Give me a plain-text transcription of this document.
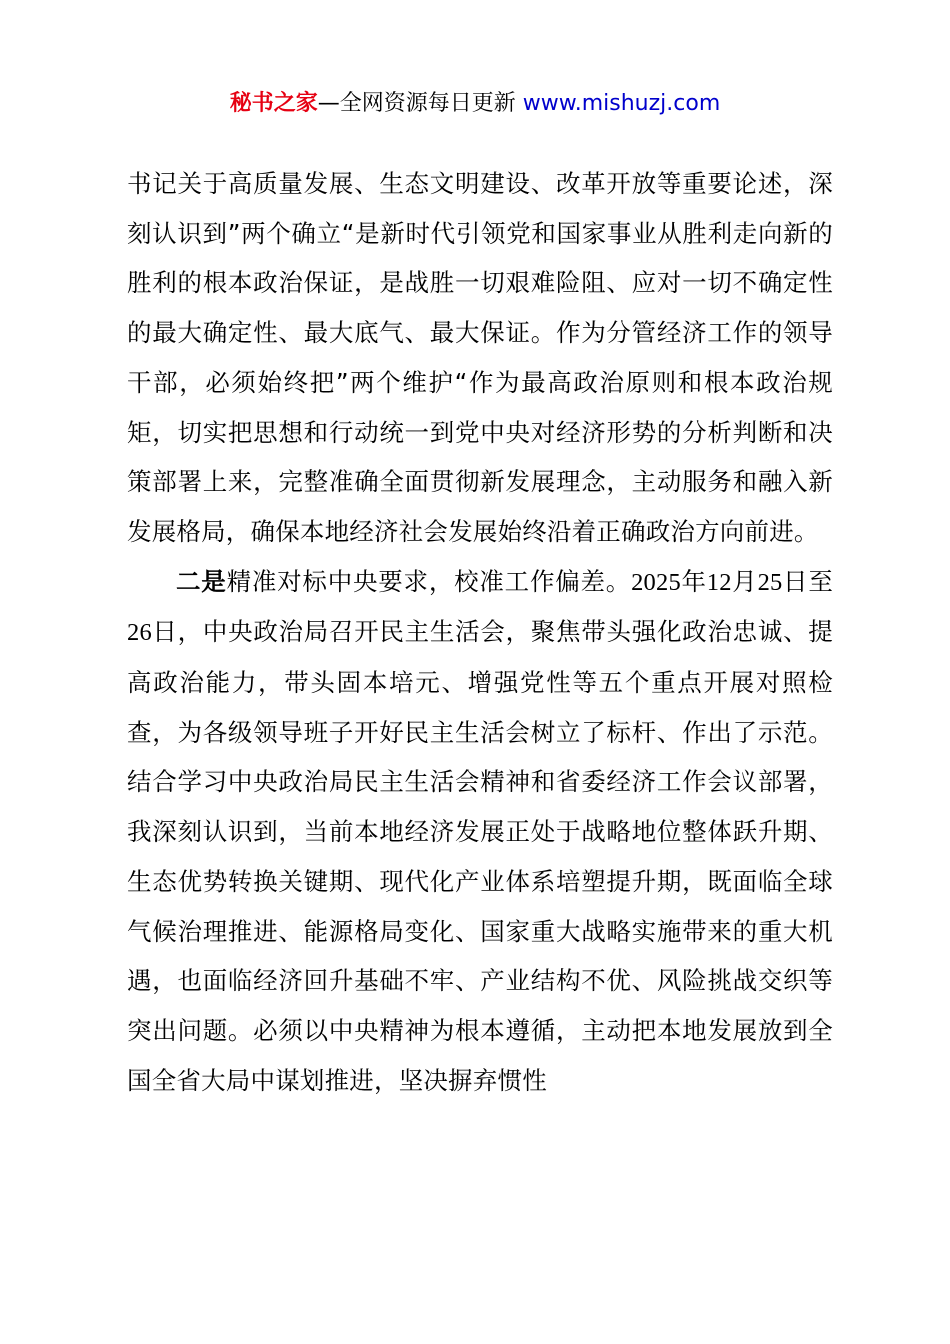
秘书之家—全网资源每日更新 www.mishuzj.com

书记关于高质量发展、生态文明建设、改革开放等重要论述，深刻认识到”两个确立“是新时代引领党和国家事业从胜利走向新的胜利的根本政治保证，是战胜一切艰难险阻、应对一切不确定性的最大确定性、最大底气、最大保证。作为分管经济工作的领导干部，必须始终把”两个维护“作为最高政治原则和根本政治规矩，切实把思想和行动统一到党中央对经济形势的分析判断和决策部署上来，完整准确全面贯彻新发展理念，主动服务和融入新发展格局，确保本地经济社会发展始终沿着正确政治方向前进。

二是精准对标中央要求，校准工作偏差。2025年12月25日至26日，中央政治局召开民主生活会，聚焦带头强化政治忠诚、提高政治能力，带头固本培元、增强党性等五个重点开展对照检查，为各级领导班子开好民主生活会树立了标杆、作出了示范。结合学习中央政治局民主生活会精神和省委经济工作会议部署，我深刻认识到，当前本地经济发展正处于战略地位整体跃升期、生态优势转换关键期、现代化产业体系培塑提升期，既面临全球气候治理推进、能源格局变化、国家重大战略实施带来的重大机遇，也面临经济回升基础不牢、产业结构不优、风险挑战交织等突出问题。必须以中央精神为根本遵循，主动把本地发展放到全国全省大局中谋划推进，坚决摒弃惯性
